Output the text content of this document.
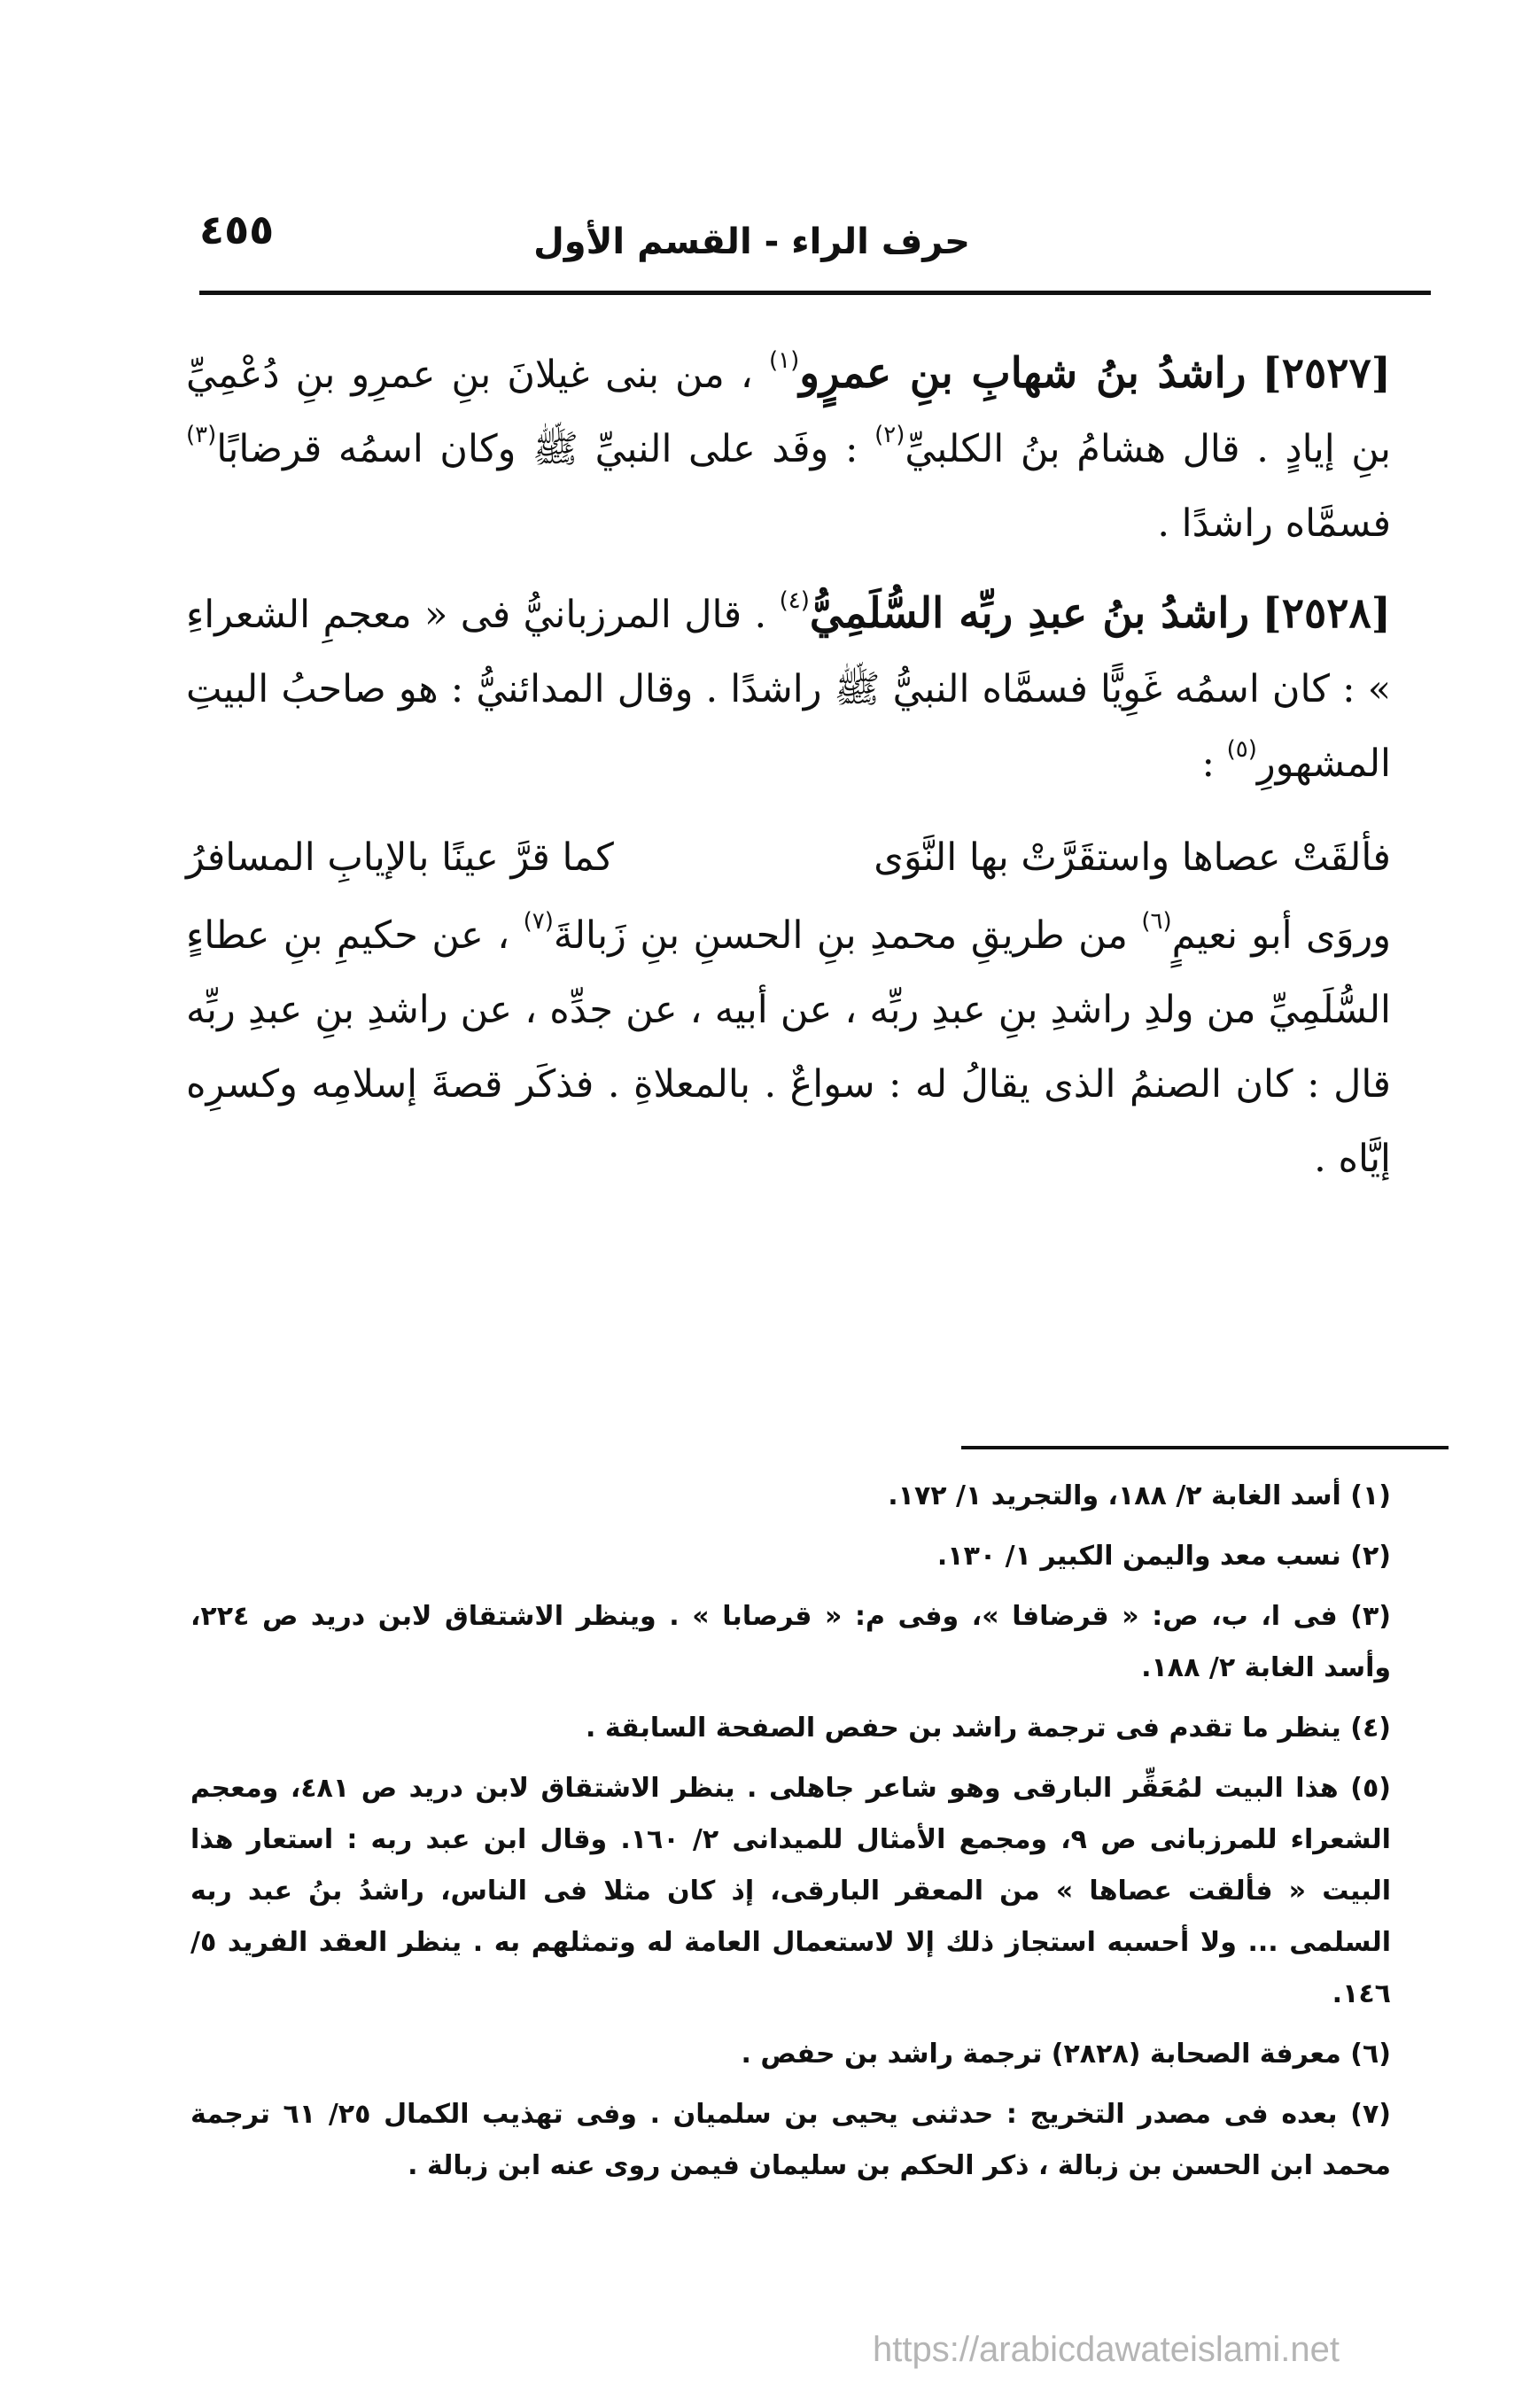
٤٥٥	حرف الراء - القسم الأول

[٢٥٢٧] راشدُ بنُ شهابِ بنِ عمرٍو$^{(١)}$ ، من بنى غيلانَ بنِ عمرِو بنِ دُعْمِيِّ بنِ إيادٍ . قال هشامُ بنُ الكلبيِّ$^{(٢)}$ : وفَد على النبيِّ ﷺ وكان اسمُه قرضابًا$^{(٣)}$ فسمَّاه راشدًا .

[٢٥٢٨] راشدُ بنُ عبدِ ربِّه السُّلَمِيُّ$^{(٤)}$ . قال المرزبانيُّ فى « معجمِ الشعراءِ » : كان اسمُه غَوِيًّا فسمَّاه النبيُّ ﷺ راشدًا . وقال المدائنيُّ : هو صاحبُ البيتِ المشهورِ$^{(٥)}$ :

فألقَتْ عصاها واستقَرَّتْ بها النَّوَى
كما قرَّ عينًا بالإيابِ المسافرُ

وروَى أبو نعيمٍ$^{(٦)}$ من طريقِ محمدِ بنِ الحسنِ بنِ زَبالةَ$^{(٧)}$ ، عن حكيمِ بنِ عطاءٍ السُّلَمِيِّ من ولدِ راشدِ بنِ عبدِ ربِّه ، عن أبيه ، عن جدِّه ، عن راشدِ بنِ عبدِ ربِّه قال : كان الصنمُ الذى يقالُ له : سواعٌ . بالمعلاةِ . فذكَر قصةَ إسلامِه وكسرِه إيَّاه .

(١) أسد الغابة ٢/ ١٨٨، والتجريد ١/ ١٧٢.

(٢) نسب معد واليمن الكبير ١/ ١٣٠.

(٣) فى ا، ب، ص: « قرضافا »، وفى م: « قرصابا » . وينظر الاشتقاق لابن دريد ص ٢٢٤، وأسد الغابة ٢/ ١٨٨.

(٤) ينظر ما تقدم فى ترجمة راشد بن حفص الصفحة السابقة .

(٥) هذا البيت لمُعَقِّر البارقى وهو شاعر جاهلى . ينظر الاشتقاق لابن دريد ص ٤٨١، ومعجم الشعراء للمرزبانى ص ٩، ومجمع الأمثال للميدانى ٢/ ١٦٠. وقال ابن عبد ربه : استعار هذا البيت « فألقت عصاها » من المعقر البارقى، إذ كان مثلا فى الناس، راشدُ بنُ عبد ربه السلمى ... ولا أحسبه استجاز ذلك إلا لاستعمال العامة له وتمثلهم به . ينظر العقد الفريد ٥/ ١٤٦.

(٦) معرفة الصحابة (٢٨٢٨) ترجمة راشد بن حفص .

(٧) بعده فى مصدر التخريج : حدثنى يحيى بن سلميان . وفى تهذيب الكمال ٢٥/ ٦١ ترجمة محمد ابن الحسن بن زبالة ، ذكر الحكم بن سليمان فيمن روى عنه ابن زبالة .

https://arabicdawateislami.net
